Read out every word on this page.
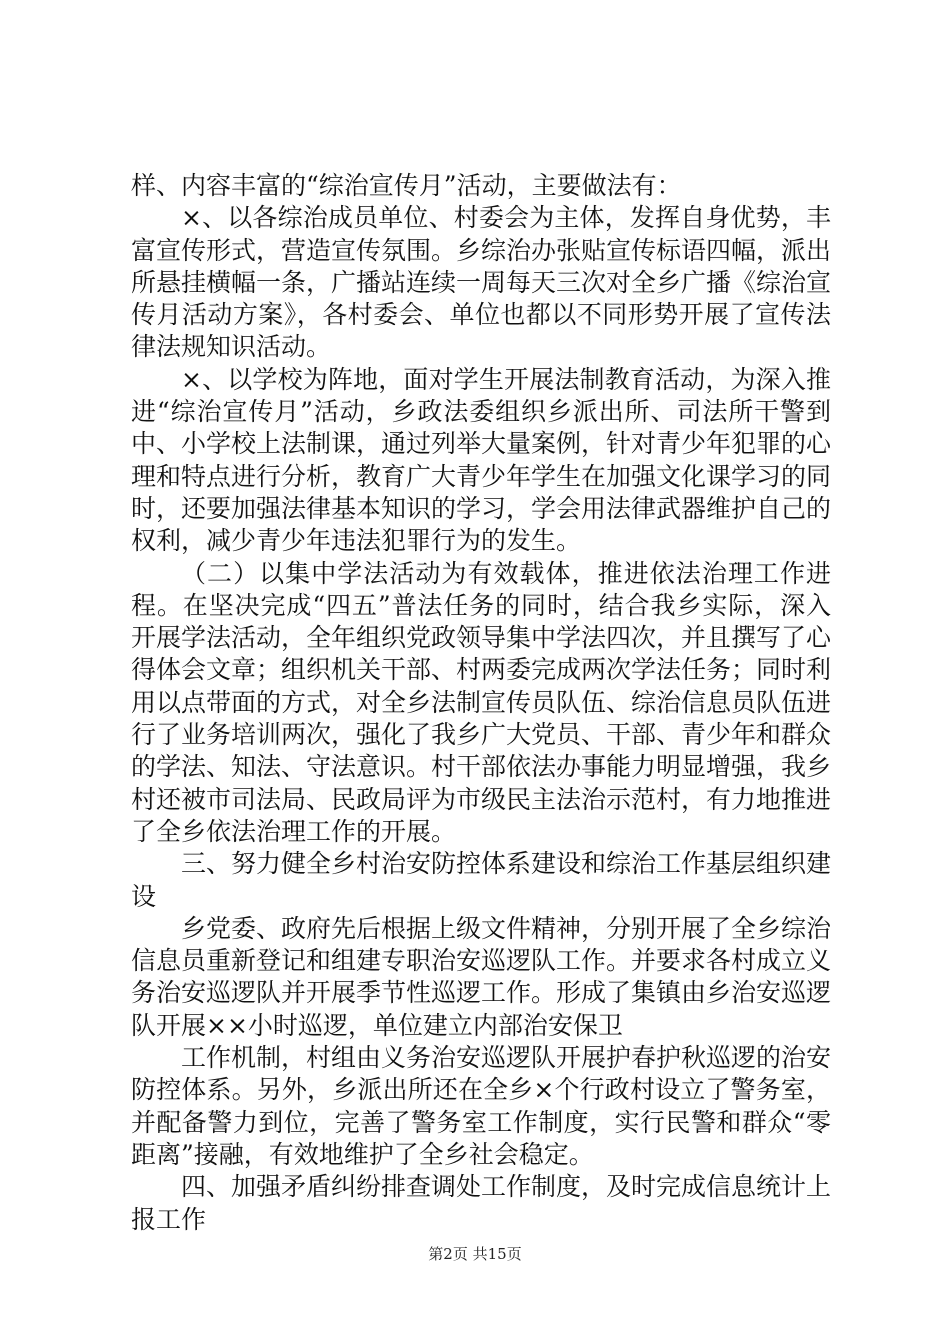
样、内容丰富的“综治宣传月”活动，主要做法有：

×、以各综治成员单位、村委会为主体，发挥自身优势，丰富宣传形式，营造宣传氛围。乡综治办张贴宣传标语四幅，派出所悬挂横幅一条，广播站连续一周每天三次对全乡广播《综治宣传月活动方案》，各村委会、单位也都以不同形势开展了宣传法律法规知识活动。

×、以学校为阵地，面对学生开展法制教育活动，为深入推进“综治宣传月”活动，乡政法委组织乡派出所、司法所干警到中、小学校上法制课，通过列举大量案例，针对青少年犯罪的心理和特点进行分析，教育广大青少年学生在加强文化课学习的同时，还要加强法律基本知识的学习，学会用法律武器维护自己的权利，减少青少年违法犯罪行为的发生。

（二）以集中学法活动为有效载体，推进依法治理工作进程。在坚决完成“四五”普法任务的同时，结合我乡实际，深入开展学法活动，全年组织党政领导集中学法四次，并且撰写了心得体会文章；组织机关干部、村两委完成两次学法任务；同时利用以点带面的方式，对全乡法制宣传员队伍、综治信息员队伍进行了业务培训两次，强化了我乡广大党员、干部、青少年和群众的学法、知法、守法意识。村干部依法办事能力明显增强，我乡村还被市司法局、民政局评为市级民主法治示范村，有力地推进了全乡依法治理工作的开展。

三、努力健全乡村治安防控体系建设和综治工作基层组织建设

乡党委、政府先后根据上级文件精神，分别开展了全乡综治信息员重新登记和组建专职治安巡逻队工作。并要求各村成立义务治安巡逻队并开展季节性巡逻工作。形成了集镇由乡治安巡逻队开展××小时巡逻，单位建立内部治安保卫

工作机制，村组由义务治安巡逻队开展护春护秋巡逻的治安防控体系。另外，乡派出所还在全乡×个行政村设立了警务室，并配备警力到位，完善了警务室工作制度，实行民警和群众“零距离”接融，有效地维护了全乡社会稳定。

四、加强矛盾纠纷排查调处工作制度，及时完成信息统计上报工作

第2页 共15页
